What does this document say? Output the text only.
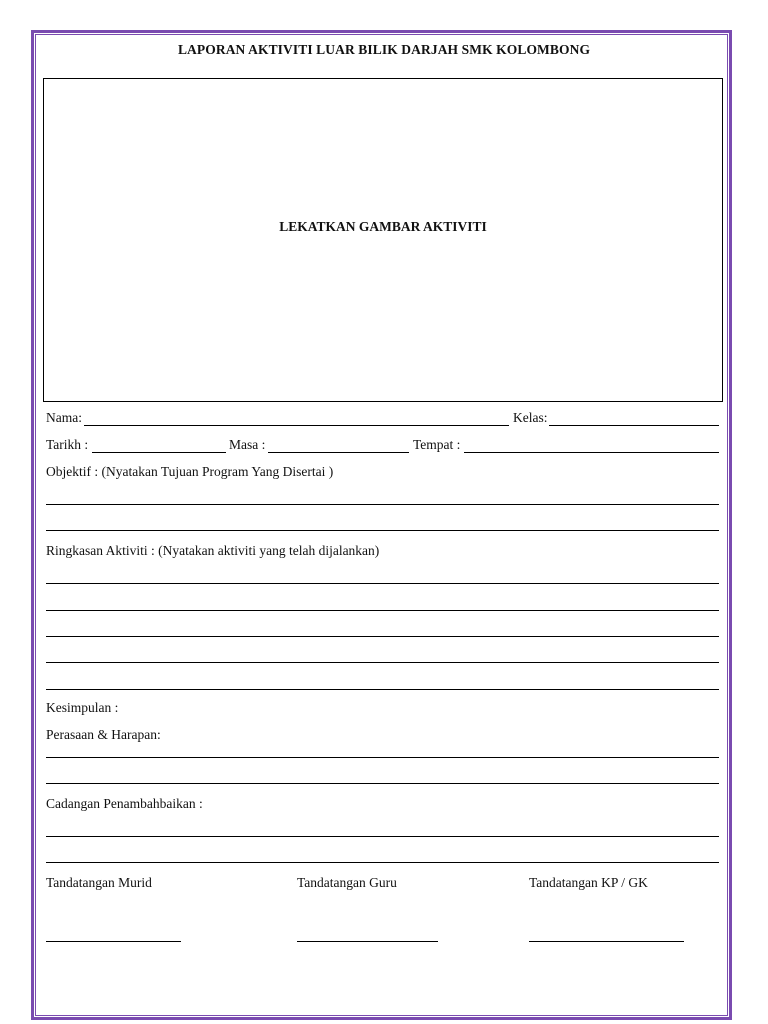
LAPORAN AKTIVITI LUAR BILIK DARJAH SMK KOLOMBONG
LEKATKAN GAMBAR AKTIVITI
Nama:	Kelas:
Tarikh :	Masa :	Tempat :
Objektif : (Nyatakan Tujuan Program Yang Disertai )
Ringkasan Aktiviti : (Nyatakan aktiviti yang telah dijalankan)
Kesimpulan :
Perasaan & Harapan:
Cadangan Penambahbaikan :
Tandatangan Murid	Tandatangan Guru	Tandatangan KP / GK
